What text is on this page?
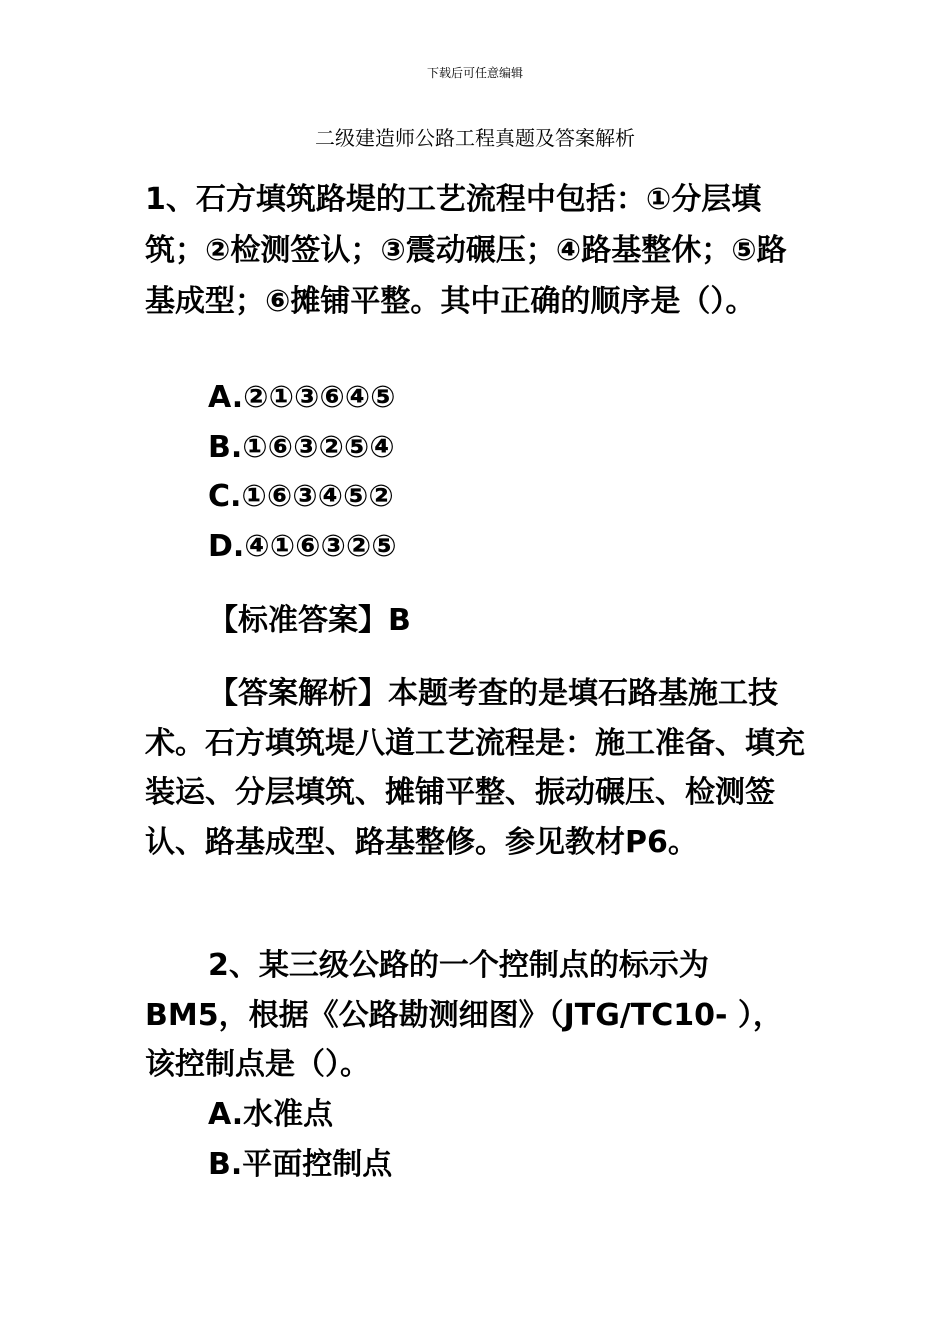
下载后可任意编辑
二级建造师公路工程真题及答案解析

1、石方填筑路堤的工艺流程中包括：①分层填筑；②检测签认；③震动碾压；④路基整休；⑤路基成型；⑥摊铺平整。其中正确的顺序是（）。

A.②①③⑥④⑤
B.①⑥③②⑤④
C.①⑥③④⑤②
D.④①⑥③②⑤
【标准答案】B

【答案解析】本题考查的是填石路基施工技术。石方填筑堤八道工艺流程是：施工准备、填充装运、分层填筑、摊铺平整、振动碾压、检测签认、路基成型、路基整修。参见教材P6。

2、某三级公路的一个控制点的标示为BM5，根据《公路勘测细图》（JTG/TC10- ），该控制点是（）。

A.水准点
B.平面控制点
